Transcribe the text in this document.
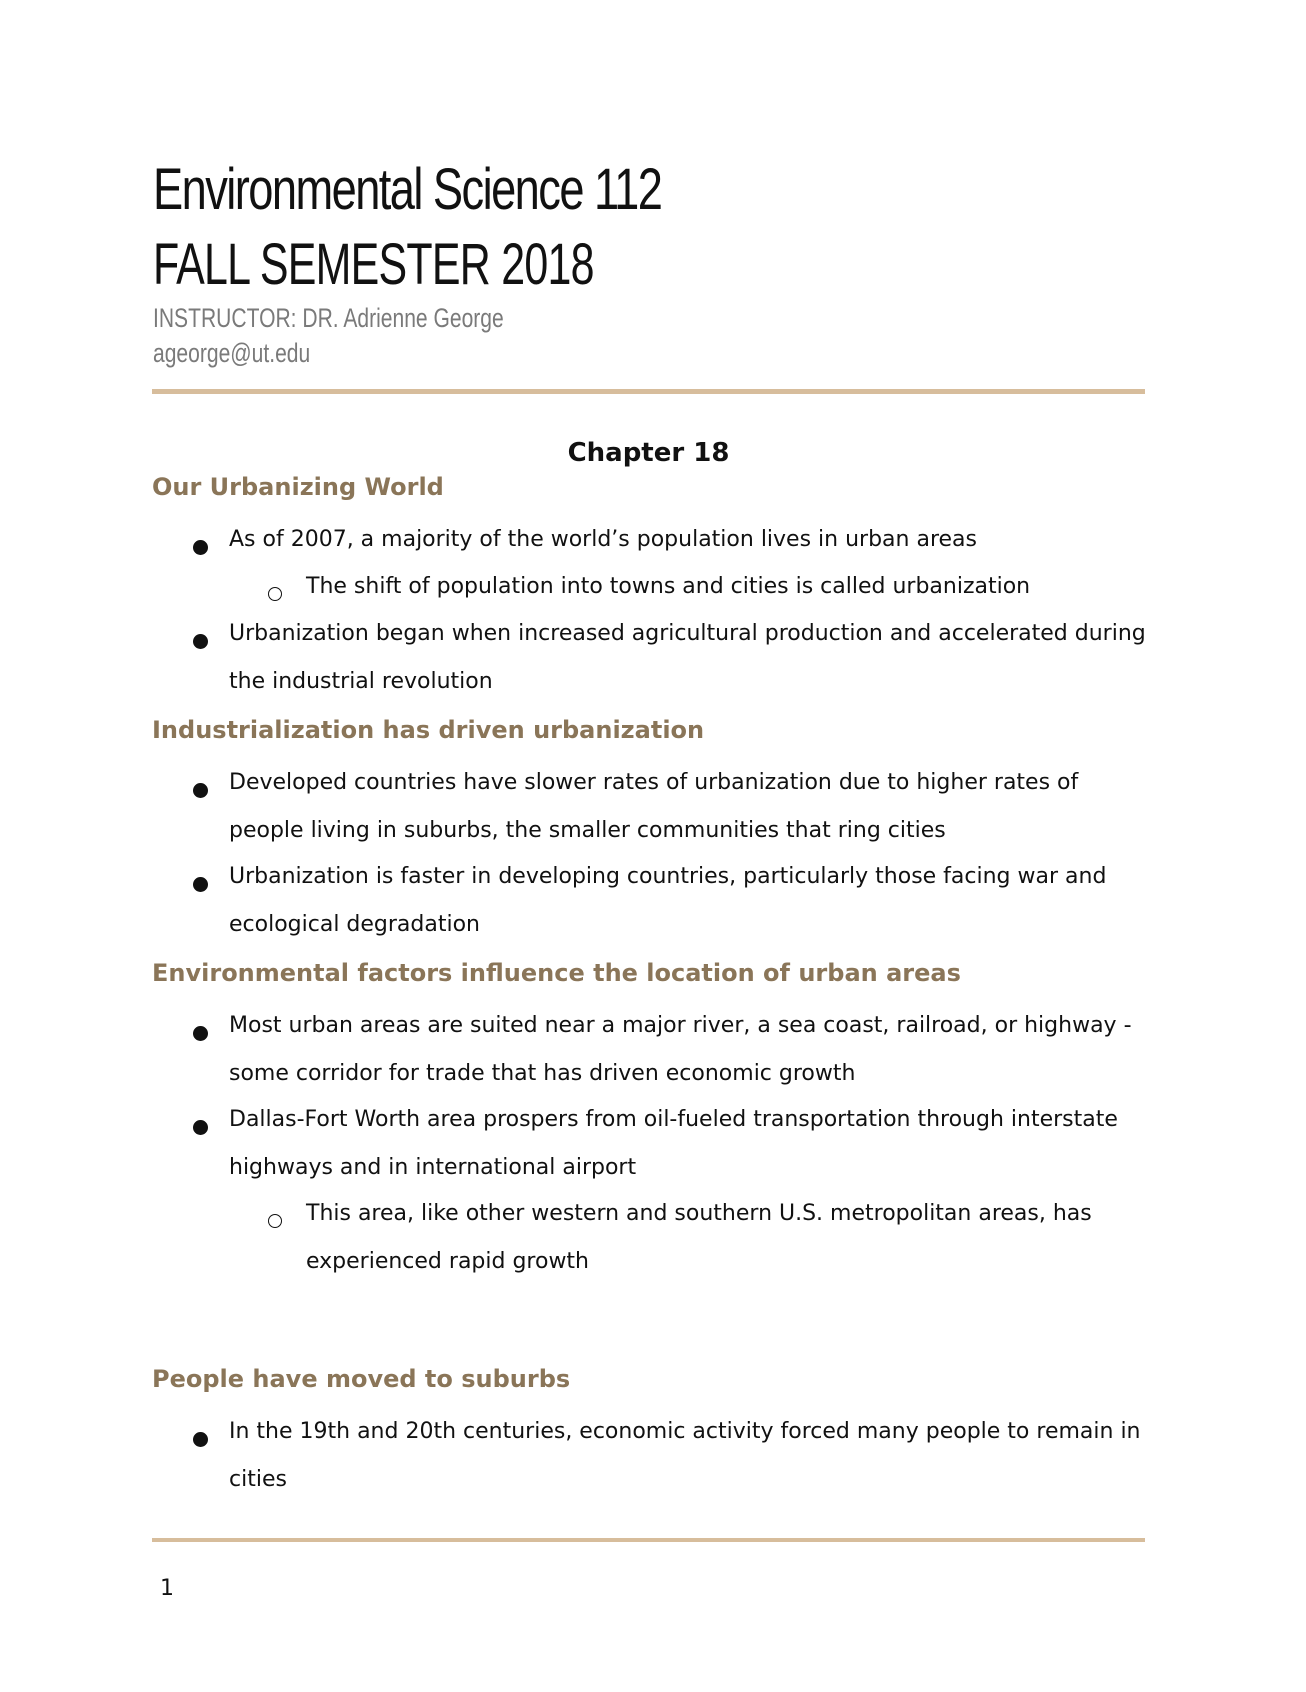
Environmental Science 112
FALL SEMESTER 2018

INSTRUCTOR: DR. Adrienne George

ageorge@ut.edu

Chapter 18
Our Urbanizing World

As of 2007, a majority of the world’s population lives in urban areas

The shift of population into towns and cities is called urbanization

Urbanization began when increased agricultural production and accelerated during the industrial revolution

Industrialization has driven urbanization

Developed countries have slower rates of urbanization due to higher rates of people living in suburbs, the smaller communities that ring cities

Urbanization is faster in developing countries, particularly those facing war and ecological degradation

Environmental factors influence the location of urban areas

Most urban areas are suited near a major river, a sea coast, railroad, or highway - some corridor for trade that has driven economic growth

Dallas-Fort Worth area prospers from oil-fueled transportation through interstate highways and in international airport

This area, like other western and southern U.S. metropolitan areas, has experienced rapid growth

People have moved to suburbs

In the 19th and 20th centuries, economic activity forced many people to remain in cities

1
